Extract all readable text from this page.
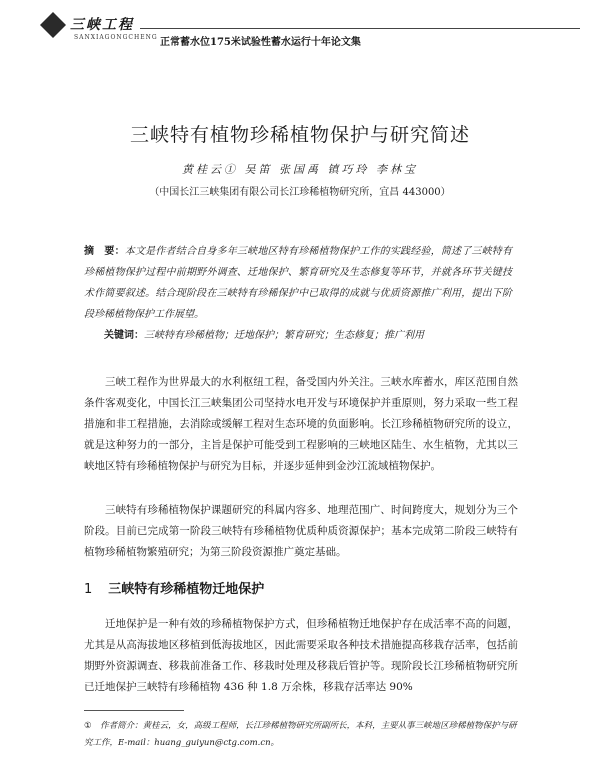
三峡工程
SANXIAGONGCHENG 正常蓄水位175米试验性蓄水运行十年论文集
三峡特有植物珍稀植物保护与研究简述
黄桂云① 吴笛 张国禹 镇巧玲 李林宝
（中国长江三峡集团有限公司长江珍稀植物研究所，宜昌 443000）
摘　要：本文是作者结合自身多年三峡地区特有珍稀植物保护工作的实践经验，简述了三峡特有珍稀植物保护过程中前期野外调查、迁地保护、繁育研究及生态修复等环节，并就各环节关键技术作简要叙述。结合现阶段在三峡特有珍稀保护中已取得的成就与优质资源推广利用，提出下阶段珍稀植物保护工作展望。
关键词：三峡特有珍稀植物；迁地保护；繁育研究；生态修复；推广利用

三峡工程作为世界最大的水利枢纽工程，备受国内外关注。三峡水库蓄水，库区范围自然条件客观变化，中国长江三峡集团公司坚持水电开发与环境保护并重原则，努力采取一些工程措施和非工程措施，去消除或缓解工程对生态环境的负面影响。长江珍稀植物研究所的设立，就是这种努力的一部分，主旨是保护可能受到工程影响的三峡地区陆生、水生植物，尤其以三峡地区特有珍稀植物保护与研究为目标，并逐步延伸到金沙江流域植物保护。

三峡特有珍稀植物保护课题研究的科属内容多、地理范围广、时间跨度大，规划分为三个阶段。目前已完成第一阶段三峡特有珍稀植物优质种质资源保护；基本完成第二阶段三峡特有植物珍稀植物繁殖研究；为第三阶段资源推广奠定基础。

1 三峡特有珍稀植物迁地保护

迁地保护是一种有效的珍稀植物保护方式，但珍稀植物迁地保护存在成活率不高的问题，尤其是从高海拔地区移植到低海拔地区，因此需要采取各种技术措施提高移栽存活率，包括前期野外资源调查、移栽前准备工作、移栽时处理及移栽后管护等。现阶段长江珍稀植物研究所已迁地保护三峡特有珍稀植物 436 种 1.8 万余株，移栽存活率达 90%

①　 作者简介：黄桂云，女，高级工程师，长江珍稀植物研究所副所长，本科，主要从事三峡地区珍稀植物保护与研究工作，E-mail：huang_guiyun@ctg.com.cn。
